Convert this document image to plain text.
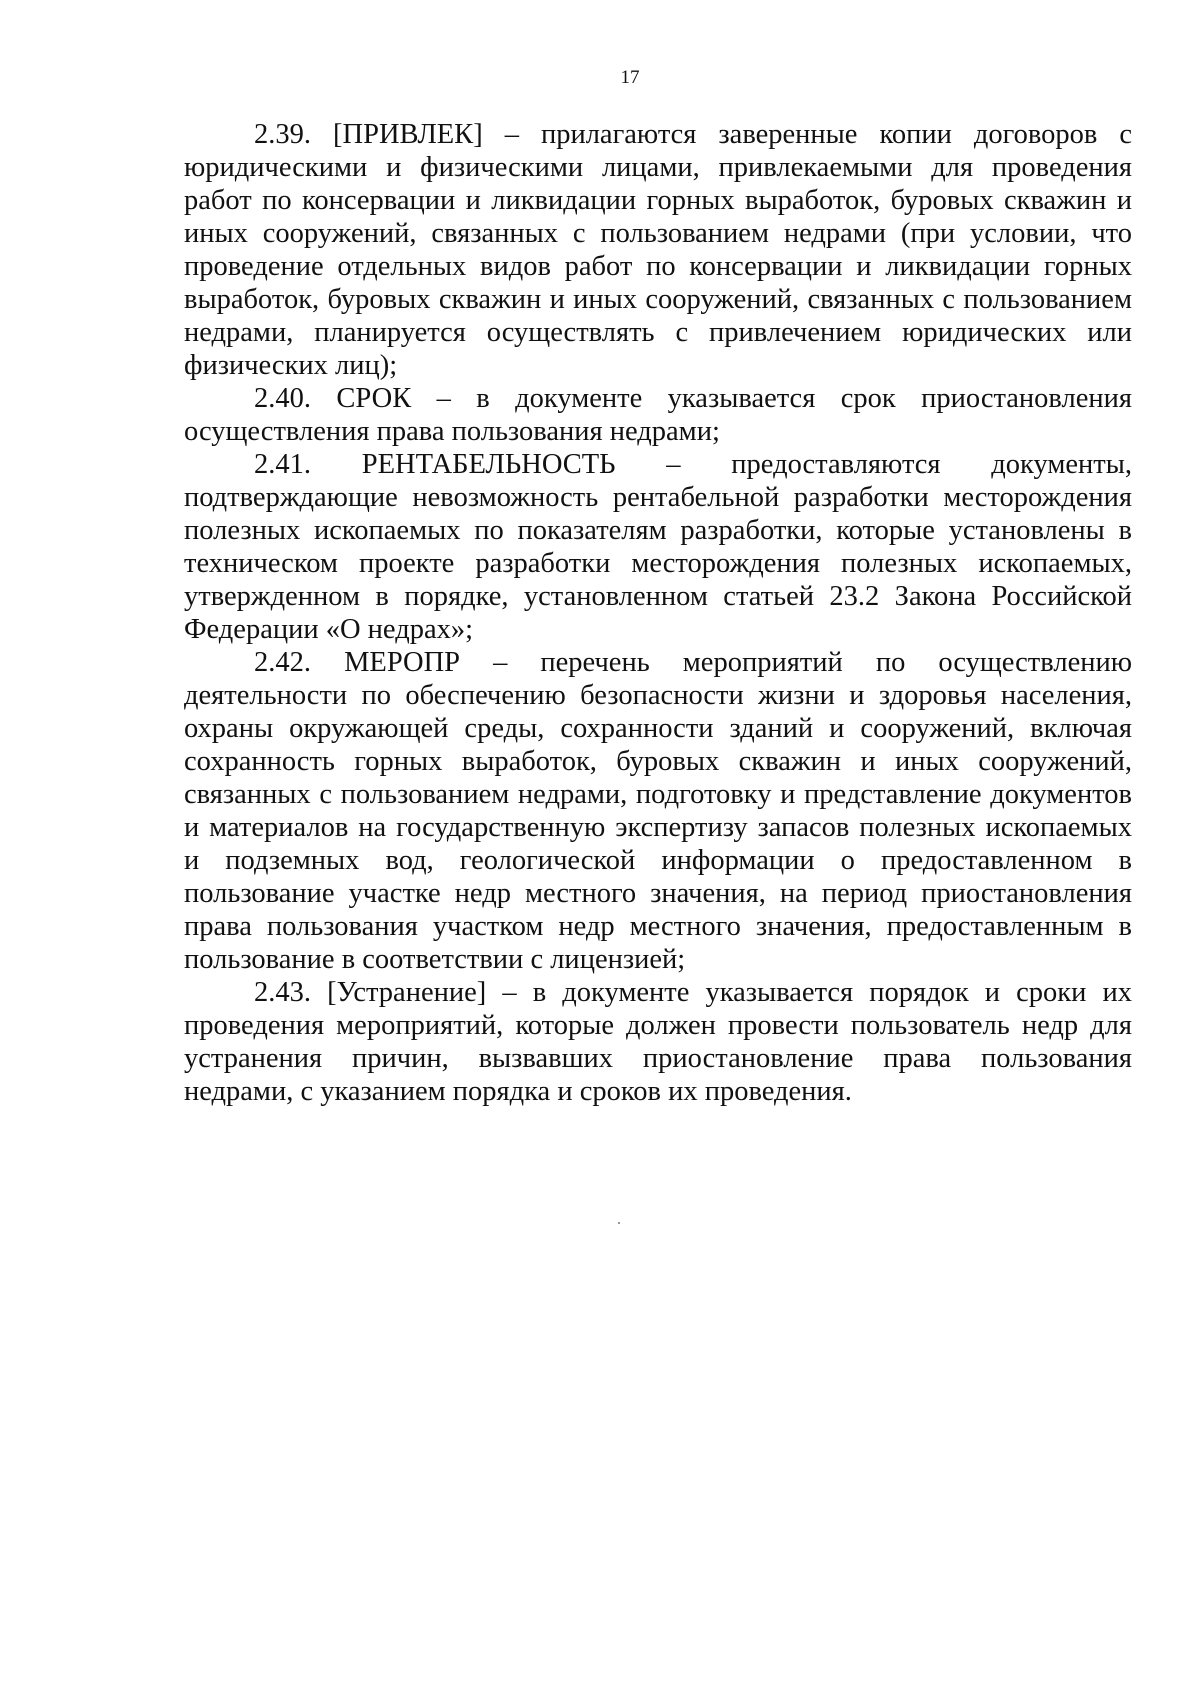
17

2.39. [ПРИВЛЕК] – прилагаются заверенные копии договоров с юридическими и физическими лицами, привлекаемыми для проведения работ по консервации и ликвидации горных выработок, буровых скважин и иных сооружений, связанных с пользованием недрами (при условии, что проведение отдельных видов работ по консервации и ликвидации горных выработок, буровых скважин и иных сооружений, связанных с пользованием недрами, планируется осуществлять с привлечением юридических или физических лиц);

2.40. СРОК – в документе указывается срок приостановления осуществления права пользования недрами;

2.41. РЕНТАБЕЛЬНОСТЬ – предоставляются документы, подтверждающие невозможность рентабельной разработки месторождения полезных ископаемых по показателям разработки, которые установлены в техническом проекте разработки месторождения полезных ископаемых, утвержденном в порядке, установленном статьей 23.2 Закона Российской Федерации «О недрах»;

2.42. МЕРОПР – перечень мероприятий по осуществлению деятельности по обеспечению безопасности жизни и здоровья населения, охраны окружающей среды, сохранности зданий и сооружений, включая сохранность горных выработок, буровых скважин и иных сооружений, связанных с пользованием недрами, подготовку и представление документов и материалов на государственную экспертизу запасов полезных ископаемых и подземных вод, геологической информации о предоставленном в пользование участке недр местного значения, на период приостановления права пользования участком недр местного значения, предоставленным в пользование в соответствии с лицензией;

2.43. [Устранение] – в документе указывается порядок и сроки их проведения мероприятий, которые должен провести пользователь недр для устранения причин, вызвавших приостановление права пользования недрами, с указанием порядка и сроков их проведения.
